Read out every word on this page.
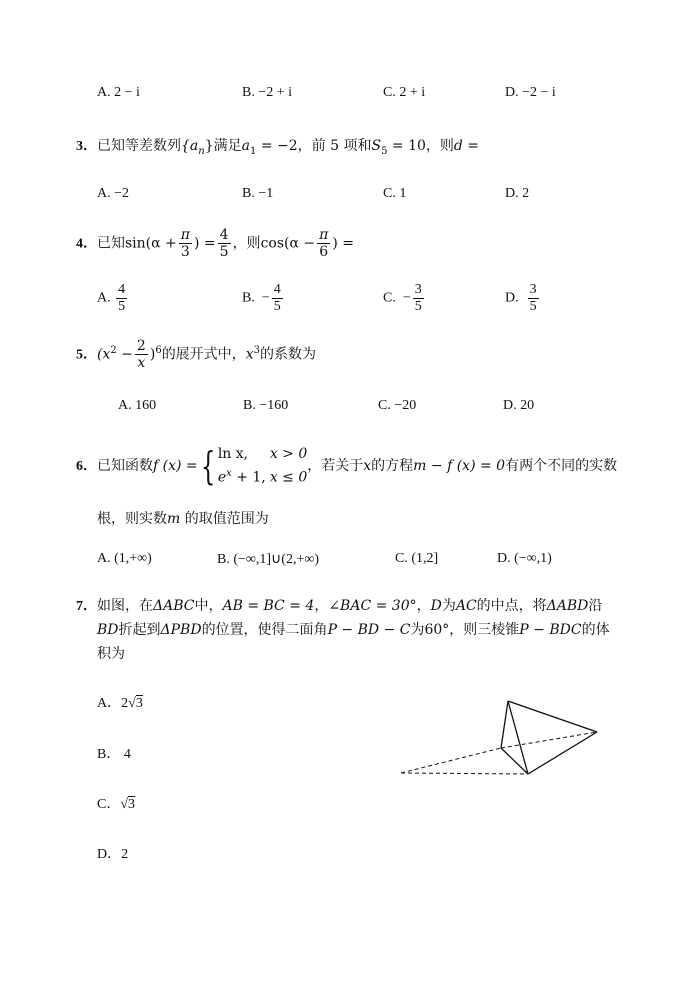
A. 2 − i	B. −2 + i	C. 2 + i	D. −2 − i
3．已知等差数列$\{a_n\}$满足$a_1 = -2$，前 5 项和$S_5 = 10$，则d =
A. −2	B. −1	C. 1	D. 2
4．已知$\sin(\alpha + \frac{\pi}{3}$ ) = $\frac{4}{5}$ ，则$\cos(\alpha - \frac{\pi}{6}$ ) =
A. $\frac{4}{5}$	B. − $\frac{4}{5}$	C. − $\frac{3}{5}$	D. $\frac{3}{5}$
5．$(x^2 - \frac{2}{x} )^6$的展开式中，$x^3$的系数为
A. 160	B. −160	C. −20	D. 20
6．已知函数f (x) ={ ln x, x > 0
$e^x + 1$, x ≤ 0
，若关于x的方程m − f (x) = 0有两个不同的实数
根，则实数m 的取值范围为
A. (1,+∞)	B. (−∞,1]∪(2,+∞)	C. (1,2]	D. (−∞,1)
7．如图，在ΔABC中，AB = BC = 4，∠BAC = 30°，D为AC的中点，将ΔABD沿
BD折起到ΔPBD的位置，使得二面角P − BD − C为60°，则三棱锥P − BDC的体
积为
A．2√3
B． 4
C．√3
D．2
